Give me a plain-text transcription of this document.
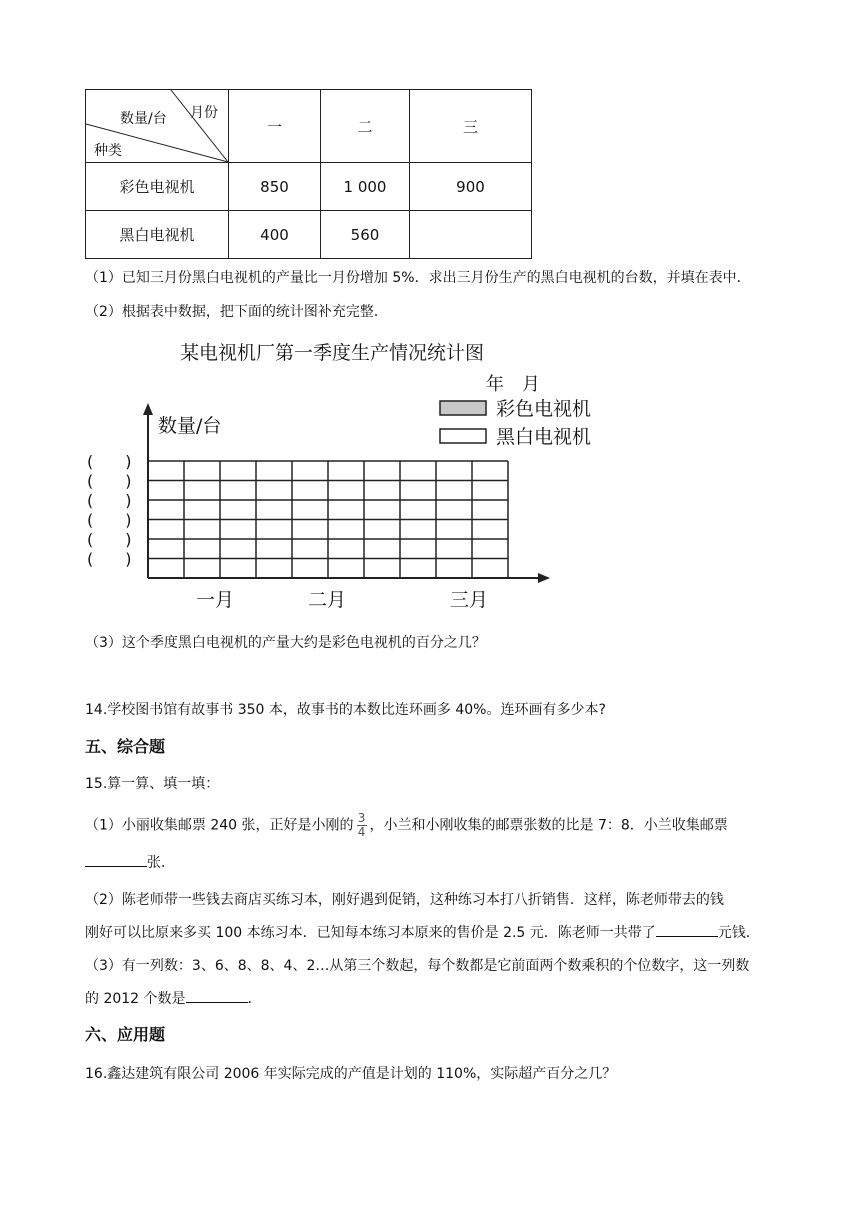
月份
数量/台
种类	一	二	三
彩色电视机	850	1 000	900
黑白电视机	400	560	
（1）已知三月份黑白电视机的产量比一月份增加 5%．求出三月份生产的黑白电视机的台数，并填在表中．
（2）根据表中数据，把下面的统计图补充完整．
某电视机厂第一季度生产情况统计图
年　月
数量/台
(　　)
(　　)
(　　)
(　　)
(　　)
(　　)
一月	二月	三月
彩色电视机
黑白电视机
（3）这个季度黑白电视机的产量大约是彩色电视机的百分之几？
14.学校图书馆有故事书 350 本，故事书的本数比连环画多 40%。连环画有多少本?
五、综合题
15.算一算、填一填：
（1）小丽收集邮票 240 张，正好是小刚的 $\frac{3}{4}$ ，小兰和小刚收集的邮票张数的比是 7：8．小兰收集邮票
张．
（2）陈老师带一些钱去商店买练习本，刚好遇到促销，这种练习本打八折销售．这样，陈老师带去的钱
刚好可以比原来多买 100 本练习本．已知每本练习本原来的售价是 2.5 元．陈老师一共带了	元钱．
（3）有一列数：3、6、8、8、4、2…从第三个数起，每个数都是它前面两个数乘积的个位数字，这一列数
的 2012 个数是	．
六、应用题
16.鑫达建筑有限公司 2006 年实际完成的产值是计划的 110%，实际超产百分之几？
